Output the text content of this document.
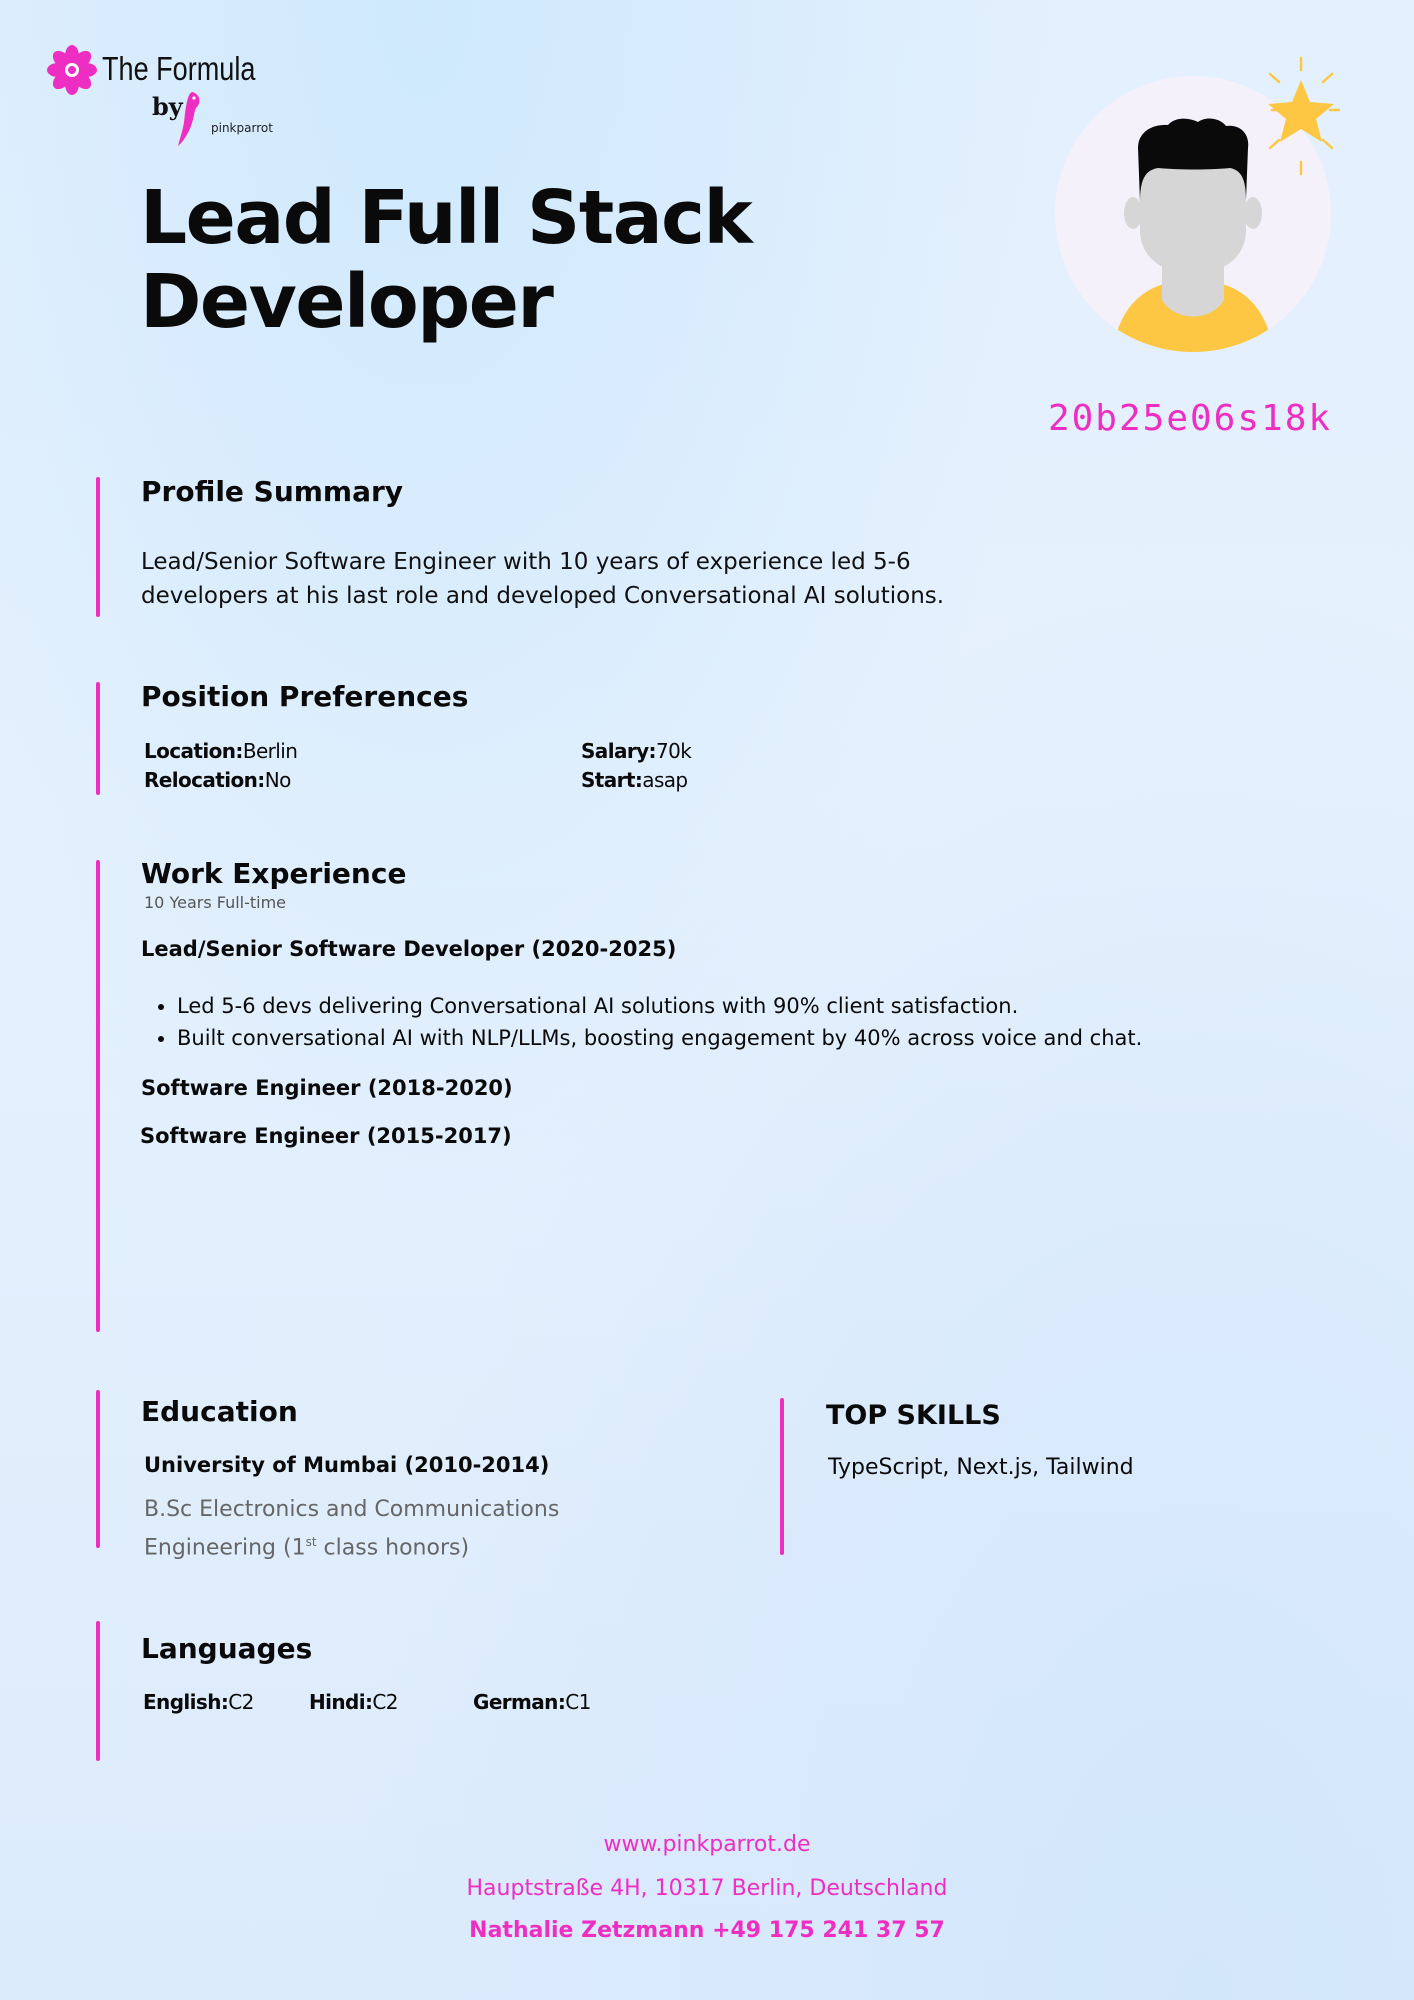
The Formula
by
pinkparrot
Lead Full Stack
Developer
20b25e06s18k
Profile Summary

Lead/Senior Software Engineer with 10 years of experience led 5-6 developers at his last role and developed Conversational AI solutions.

Position Preferences
Location:Berlin
Relocation:No
Salary:70k
Start:asap
Work Experience
10 Years Full-time
Lead/Senior Software Developer (2020-2025)
• Led 5-6 devs delivering Conversational AI solutions with 90% client satisfaction.
• Built conversational AI with NLP/LLMs, boosting engagement by 40% across voice and chat.
Software Engineer (2018-2020)
Software Engineer (2015-2017)
Education
University of Mumbai (2010-2014)
B.Sc Electronics and Communications
Engineering (1st class honors)
TOP SKILLS
TypeScript, Next.js, Tailwind
Languages
English:C2	Hindi:C2	German:C1
www.pinkparrot.de
Hauptstraße 4H, 10317 Berlin, Deutschland
Nathalie Zetzmann +49 175 241 37 57
